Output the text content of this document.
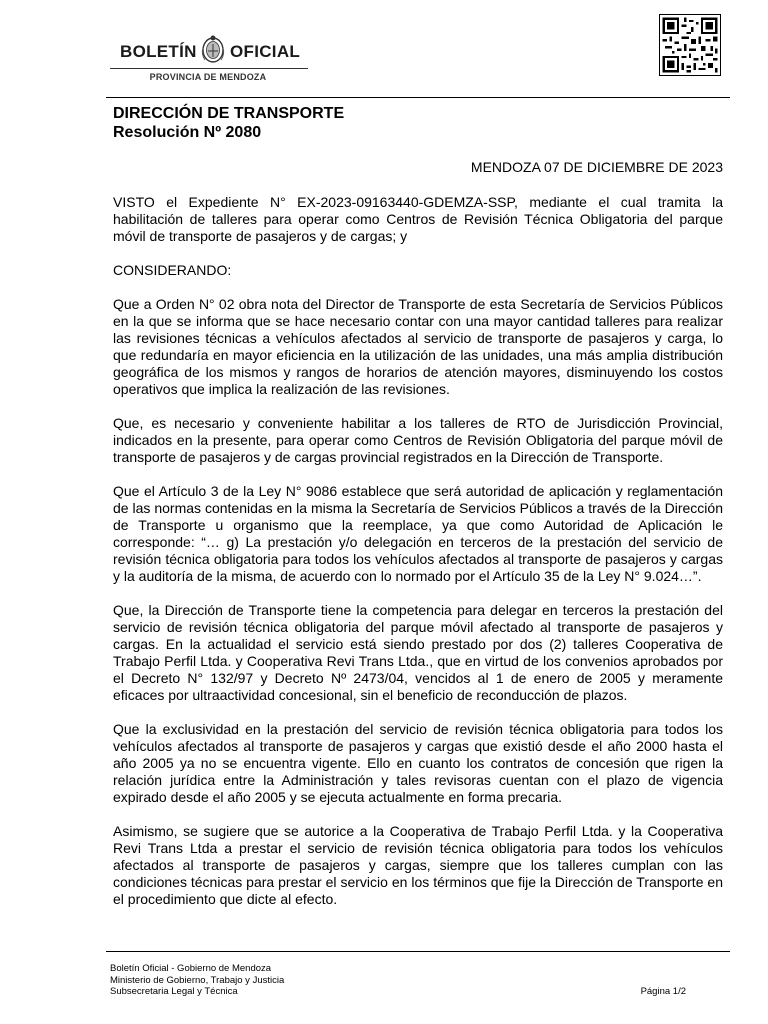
BOLETÍN OFICIAL
PROVINCIA DE MENDOZA
DIRECCIÓN DE TRANSPORTE
Resolución Nº 2080
MENDOZA 07 DE DICIEMBRE DE 2023

VISTO el Expediente N° EX-2023-09163440-GDEMZA-SSP, mediante el cual tramita la habilitación de talleres para operar como Centros de Revisión Técnica Obligatoria del parque móvil de transporte de pasajeros y de cargas; y

CONSIDERANDO:

Que a Orden N° 02 obra nota del Director de Transporte de esta Secretaría de Servicios Públicos en la que se informa que se hace necesario contar con una mayor cantidad talleres para realizar las revisiones técnicas a vehículos afectados al servicio de transporte de pasajeros y carga, lo que redundaría en mayor eficiencia en la utilización de las unidades, una más amplia distribución geográfica de los mismos y rangos de horarios de atención mayores, disminuyendo los costos operativos que implica la realización de las revisiones.

Que, es necesario y conveniente habilitar a los talleres de RTO de Jurisdicción Provincial, indicados en la presente, para operar como Centros de Revisión Obligatoria del parque móvil de transporte de pasajeros y de cargas provincial registrados en la Dirección de Transporte.

Que el Artículo 3 de la Ley N° 9086 establece que será autoridad de aplicación y reglamentación de las normas contenidas en la misma la Secretaría de Servicios Públicos a través de la Dirección de Transporte u organismo que la reemplace, ya que como Autoridad de Aplicación le corresponde: “… g) La prestación y/o delegación en terceros de la prestación del servicio de revisión técnica obligatoria para todos los vehículos afectados al transporte de pasajeros y cargas y la auditoría de la misma, de acuerdo con lo normado por el Artículo 35 de la Ley N° 9.024…”.

Que, la Dirección de Transporte tiene la competencia para delegar en terceros la prestación del servicio de revisión técnica obligatoria del parque móvil afectado al transporte de pasajeros y cargas. En la actualidad el servicio está siendo prestado por dos (2) talleres Cooperativa de Trabajo Perfil Ltda. y Cooperativa Revi Trans Ltda., que en virtud de los convenios aprobados por el Decreto N° 132/97 y Decreto Nº 2473/04, vencidos al 1 de enero de 2005 y meramente eficaces por ultraactividad concesional, sin el beneficio de reconducción de plazos.

Que la exclusividad en la prestación del servicio de revisión técnica obligatoria para todos los vehículos afectados al transporte de pasajeros y cargas que existió desde el año 2000 hasta el año 2005 ya no se encuentra vigente. Ello en cuanto los contratos de concesión que rigen la relación jurídica entre la Administración y tales revisoras cuentan con el plazo de vigencia expirado desde el año 2005 y se ejecuta actualmente en forma precaria.

Asimismo, se sugiere que se autorice a la Cooperativa de Trabajo Perfil Ltda. y la Cooperativa Revi Trans Ltda a prestar el servicio de revisión técnica obligatoria para todos los vehículos afectados al transporte de pasajeros y cargas, siempre que los talleres cumplan con las condiciones técnicas para prestar el servicio en los términos que fije la Dirección de Transporte en el procedimiento que dicte al efecto.

Boletín Oficial - Gobierno de Mendoza
Ministerio de Gobierno, Trabajo y Justicia
Subsecretaria Legal y Técnica	Página 1/2
